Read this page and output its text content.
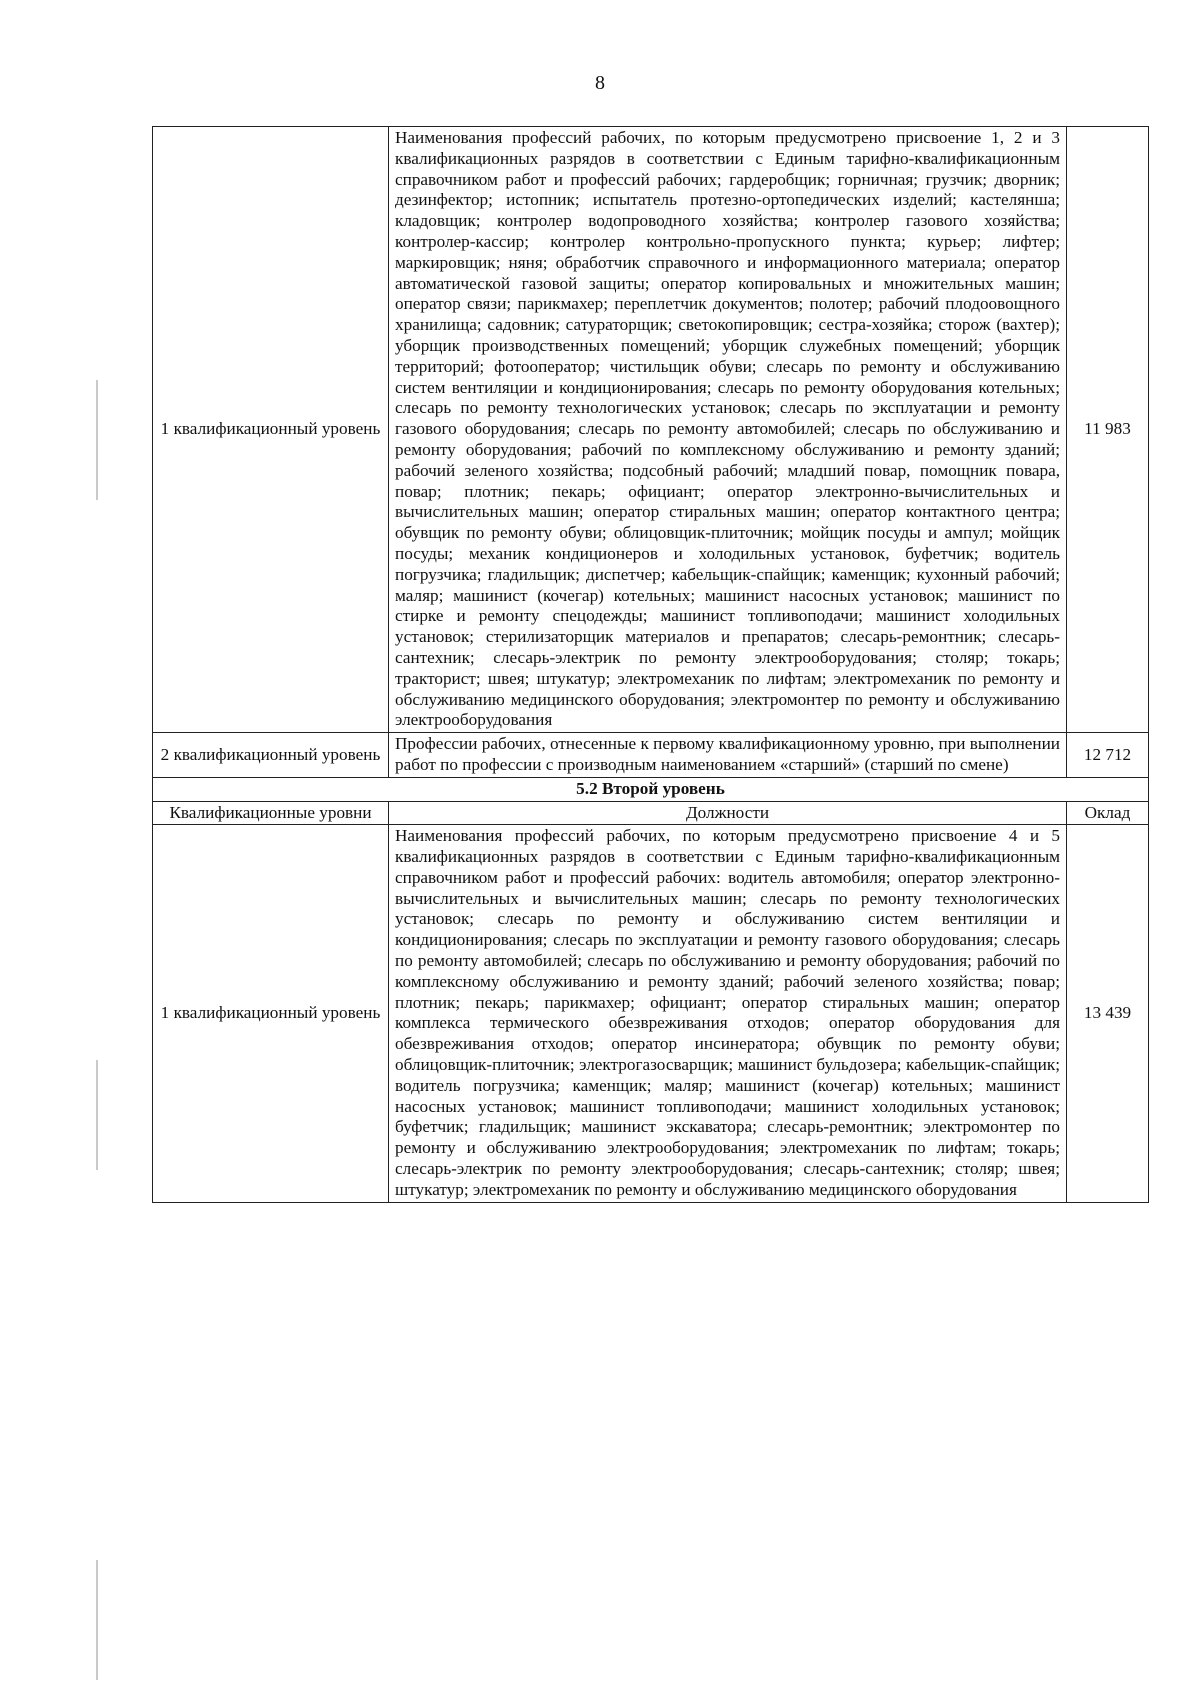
8
1 квалификационный уровень	Наименования профессий рабочих, по которым предусмотрено присвоение 1, 2 и 3 квалификационных разрядов в соответствии с Единым тарифно-квалификационным справочником работ и профессий рабочих; гардеробщик; горничная; грузчик; дворник; дезинфектор; истопник; испытатель протезно-ортопедических изделий; кастелянша; кладовщик; контролер водопроводного хозяйства; контролер газового хозяйства; контролер-кассир; контролер контрольно-пропускного пункта; курьер; лифтер; маркировщик; няня; обработчик справочного и информационного материала; оператор автоматической газовой защиты; оператор копировальных и множительных машин; оператор связи; парикмахер; переплетчик документов; полотер; рабочий плодоовощного хранилища; садовник; сатураторщик; светокопировщик; сестра-хозяйка; сторож (вахтер); уборщик производственных помещений; уборщик служебных помещений; уборщик территорий; фотооператор; чистильщик обуви; слесарь по ремонту и обслуживанию систем вентиляции и кондиционирования; слесарь по ремонту оборудования котельных; слесарь по ремонту технологических установок; слесарь по эксплуатации и ремонту газового оборудования; слесарь по ремонту автомобилей; слесарь по обслуживанию и ремонту оборудования; рабочий по комплексному обслуживанию и ремонту зданий; рабочий зеленого хозяйства; подсобный рабочий; младший повар, помощник повара, повар; плотник; пекарь; официант; оператор электронно-вычислительных и вычислительных машин; оператор стиральных машин; оператор контактного центра; обувщик по ремонту обуви; облицовщик-плиточник; мойщик посуды и ампул; мойщик посуды; механик кондиционеров и холодильных установок, буфетчик; водитель погрузчика; гладильщик; диспетчер; кабельщик-спайщик; каменщик; кухонный рабочий; маляр; машинист (кочегар) котельных; машинист насосных установок; машинист по стирке и ремонту спецодежды; машинист топливоподачи; машинист холодильных установок; стерилизаторщик материалов и препаратов; слесарь-ремонтник; слесарь-сантехник; слесарь-электрик по ремонту электрооборудования; столяр; токарь; тракторист; швея; штукатур; электромеханик по лифтам; электромеханик по ремонту и обслуживанию медицинского оборудования; электромонтер по ремонту и обслуживанию электрооборудования	11 983
2 квалификационный уровень	Профессии рабочих, отнесенные к первому квалификационному уровню, при выполнении работ по профессии с производным наименованием «старший» (старший по смене)	12 712
5.2 Второй уровень		
Квалификационные уровни	Должности	Оклад
1 квалификационный уровень	Наименования профессий рабочих, по которым предусмотрено присвоение 4 и 5 квалификационных разрядов в соответствии с Единым тарифно-квалификационным справочником работ и профессий рабочих: водитель автомобиля; оператор электронно-вычислительных и вычислительных машин; слесарь по ремонту технологических установок; слесарь по ремонту и обслуживанию систем вентиляции и кондиционирования; слесарь по эксплуатации и ремонту газового оборудования; слесарь по ремонту автомобилей; слесарь по обслуживанию и ремонту оборудования; рабочий по комплексному обслуживанию и ремонту зданий; рабочий зеленого хозяйства; повар; плотник; пекарь; парикмахер; официант; оператор стиральных машин; оператор комплекса термического обезвреживания отходов; оператор оборудования для обезвреживания отходов; оператор инсинератора; обувщик по ремонту обуви; облицовщик-плиточник; электрогазосварщик; машинист бульдозера; кабельщик-спайщик; водитель погрузчика; каменщик; маляр; машинист (кочегар) котельных; машинист насосных установок; машинист топливоподачи; машинист холодильных установок; буфетчик; гладильщик; машинист экскаватора; слесарь-ремонтник; электромонтер по ремонту и обслуживанию электрооборудования; электромеханик по лифтам; токарь; слесарь-электрик по ремонту электрооборудования; слесарь-сантехник; столяр; швея; штукатур; электромеханик по ремонту и обслуживанию медицинского оборудования	13 439
